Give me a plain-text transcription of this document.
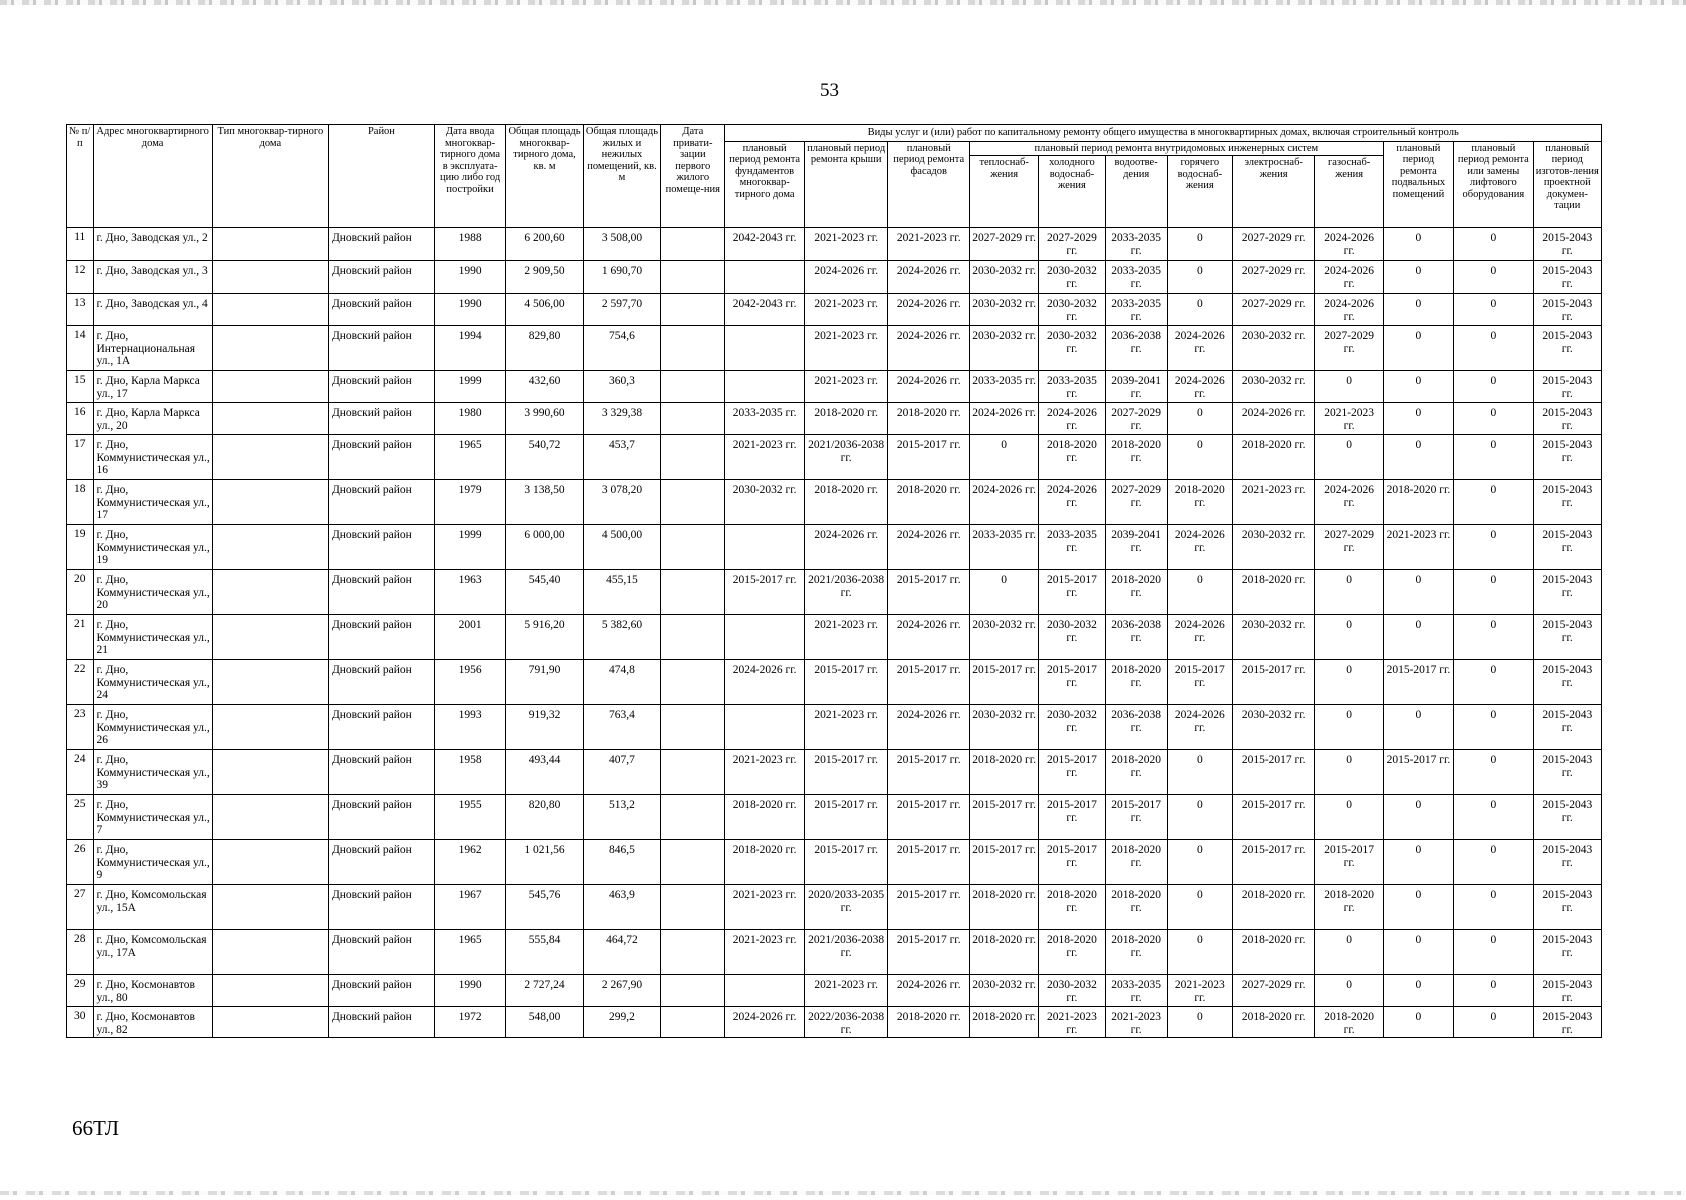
53
№ п/п	Адрес многоквартирного дома	Тип многоквар-тирного дома	Район	Дата ввода многоквар-тирного дома в эксплуата-цию либо год постройки	Общая площадь многоквар-тирного дома, кв. м	Общая площадь жилых и нежилых помещений, кв. м	Дата привати-зации первого жилого помеще-ния	Виды услуг и (или) работ по капитальному ремонту общего имущества в многоквартирных домах, включая строительный контроль											
								плановый период ремонта фундаментов многоквар-тирного дома	плановый период ремонта крыши	плановый период ремонта фасадов	плановый период ремонта внутридомовых инженерных систем						плановый период ремонта подвальных помещений	плановый период ремонта или замены лифтового оборудования	плановый период изготов-ления проектной докумен-тации
											теплоснаб-жения	холодного водоснаб-жения	водоотве-дения	горячего водоснаб-жения	электроснаб-жения	газоснаб-жения			
11	г. Дно, Заводская ул., 2		Дновский район	1988	6 200,60	3 508,00		2042-2043 гг.	2021-2023 гг.	2021-2023 гг.	2027-2029 гг.	2027-2029 гг.	2033-2035 гг.	0	2027-2029 гг.	2024-2026 гг.	0	0	2015-2043 гг.
12	г. Дно, Заводская ул., 3		Дновский район	1990	2 909,50	1 690,70			2024-2026 гг.	2024-2026 гг.	2030-2032 гг.	2030-2032 гг.	2033-2035 гг.	0	2027-2029 гг.	2024-2026 гг.	0	0	2015-2043 гг.
13	г. Дно, Заводская ул., 4		Дновский район	1990	4 506,00	2 597,70		2042-2043 гг.	2021-2023 гг.	2024-2026 гг.	2030-2032 гг.	2030-2032 гг.	2033-2035 гг.	0	2027-2029 гг.	2024-2026 гг.	0	0	2015-2043 гг.
14	г. Дно, Интернациональная ул., 1А		Дновский район	1994	829,80	754,6			2021-2023 гг.	2024-2026 гг.	2030-2032 гг.	2030-2032 гг.	2036-2038 гг.	2024-2026 гг.	2030-2032 гг.	2027-2029 гг.	0	0	2015-2043 гг.
15	г. Дно, Карла Маркса ул., 17		Дновский район	1999	432,60	360,3			2021-2023 гг.	2024-2026 гг.	2033-2035 гг.	2033-2035 гг.	2039-2041 гг.	2024-2026 гг.	2030-2032 гг.	0	0	0	2015-2043 гг.
16	г. Дно, Карла Маркса ул., 20		Дновский район	1980	3 990,60	3 329,38		2033-2035 гг.	2018-2020 гг.	2018-2020 гг.	2024-2026 гг.	2024-2026 гг.	2027-2029 гг.	0	2024-2026 гг.	2021-2023 гг.	0	0	2015-2043 гг.
17	г. Дно, Коммунистическая ул., 16		Дновский район	1965	540,72	453,7		2021-2023 гг.	2021/2036-2038 гг.	2015-2017 гг.	0	2018-2020 гг.	2018-2020 гг.	0	2018-2020 гг.	0	0	0	2015-2043 гг.
18	г. Дно, Коммунистическая ул., 17		Дновский район	1979	3 138,50	3 078,20		2030-2032 гг.	2018-2020 гг.	2018-2020 гг.	2024-2026 гг.	2024-2026 гг.	2027-2029 гг.	2018-2020 гг.	2021-2023 гг.	2024-2026 гг.	2018-2020 гг.	0	2015-2043 гг.
19	г. Дно, Коммунистическая ул., 19		Дновский район	1999	6 000,00	4 500,00			2024-2026 гг.	2024-2026 гг.	2033-2035 гг.	2033-2035 гг.	2039-2041 гг.	2024-2026 гг.	2030-2032 гг.	2027-2029 гг.	2021-2023 гг.	0	2015-2043 гг.
20	г. Дно, Коммунистическая ул., 20		Дновский район	1963	545,40	455,15		2015-2017 гг.	2021/2036-2038 гг.	2015-2017 гг.	0	2015-2017 гг.	2018-2020 гг.	0	2018-2020 гг.	0	0	0	2015-2043 гг.
21	г. Дно, Коммунистическая ул., 21		Дновский район	2001	5 916,20	5 382,60			2021-2023 гг.	2024-2026 гг.	2030-2032 гг.	2030-2032 гг.	2036-2038 гг.	2024-2026 гг.	2030-2032 гг.	0	0	0	2015-2043 гг.
22	г. Дно, Коммунистическая ул., 24		Дновский район	1956	791,90	474,8		2024-2026 гг.	2015-2017 гг.	2015-2017 гг.	2015-2017 гг.	2015-2017 гг.	2018-2020 гг.	2015-2017 гг.	2015-2017 гг.	0	2015-2017 гг.	0	2015-2043 гг.
23	г. Дно, Коммунистическая ул., 26		Дновский район	1993	919,32	763,4			2021-2023 гг.	2024-2026 гг.	2030-2032 гг.	2030-2032 гг.	2036-2038 гг.	2024-2026 гг.	2030-2032 гг.	0	0	0	2015-2043 гг.
24	г. Дно, Коммунистическая ул., 39		Дновский район	1958	493,44	407,7		2021-2023 гг.	2015-2017 гг.	2015-2017 гг.	2018-2020 гг.	2015-2017 гг.	2018-2020 гг.	0	2015-2017 гг.	0	2015-2017 гг.	0	2015-2043 гг.
25	г. Дно, Коммунистическая ул., 7		Дновский район	1955	820,80	513,2		2018-2020 гг.	2015-2017 гг.	2015-2017 гг.	2015-2017 гг.	2015-2017 гг.	2015-2017 гг.	0	2015-2017 гг.	0	0	0	2015-2043 гг.
26	г. Дно, Коммунистическая ул., 9		Дновский район	1962	1 021,56	846,5		2018-2020 гг.	2015-2017 гг.	2015-2017 гг.	2015-2017 гг.	2015-2017 гг.	2018-2020 гг.	0	2015-2017 гг.	2015-2017 гг.	0	0	2015-2043 гг.
27	г. Дно, Комсомольская ул., 15А		Дновский район	1967	545,76	463,9		2021-2023 гг.	2020/2033-2035 гг.	2015-2017 гг.	2018-2020 гг.	2018-2020 гг.	2018-2020 гг.	0	2018-2020 гг.	2018-2020 гг.	0	0	2015-2043 гг.
28	г. Дно, Комсомольская ул., 17А		Дновский район	1965	555,84	464,72		2021-2023 гг.	2021/2036-2038 гг.	2015-2017 гг.	2018-2020 гг.	2018-2020 гг.	2018-2020 гг.	0	2018-2020 гг.	0	0	0	2015-2043 гг.
29	г. Дно, Космонавтов ул., 80		Дновский район	1990	2 727,24	2 267,90			2021-2023 гг.	2024-2026 гг.	2030-2032 гг.	2030-2032 гг.	2033-2035 гг.	2021-2023 гг.	2027-2029 гг.	0	0	0	2015-2043 гг.
30	г. Дно, Космонавтов ул., 82		Дновский район	1972	548,00	299,2		2024-2026 гг.	2022/2036-2038 гг.	2018-2020 гг.	2018-2020 гг.	2021-2023 гг.	2021-2023 гг.	0	2018-2020 гг.	2018-2020 гг.	0	0	2015-2043 гг.
66ТЛ
